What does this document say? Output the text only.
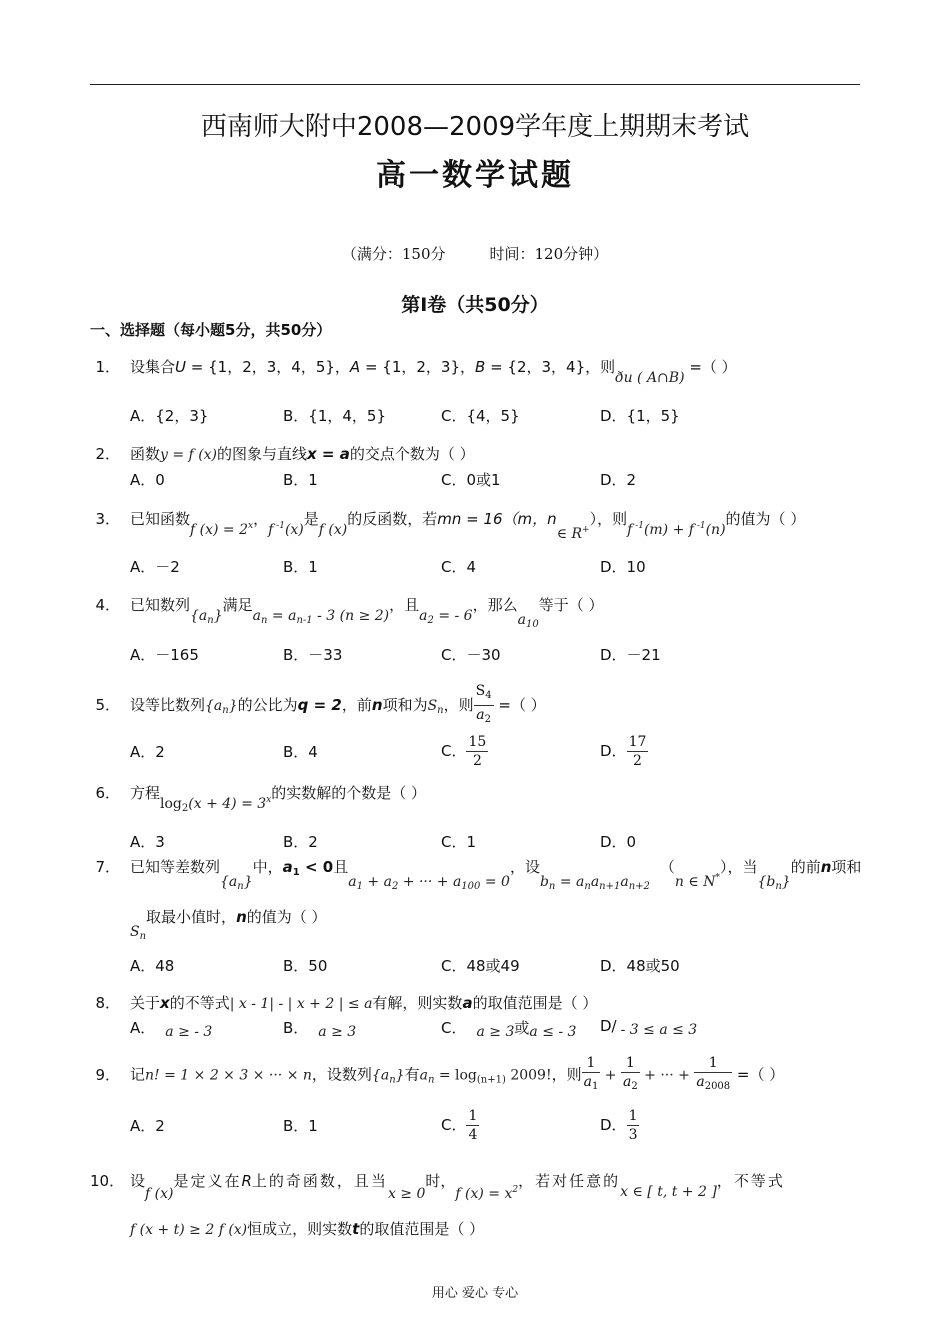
西南师大附中2008—2009学年度上期期末考试
高一数学试题
（满分：150分	时间：120分钟）
第I卷（共50分）
一、选择题（每小题5分，共50分）
1． 设集合U = {1，2，3，4，5}，A = {1，2，3}，B = {2，3，4}，则ðu ( A∩B) =（ ）
A．{2，3}	B．{1，4，5}	C．{4，5}	D．{1，5}
2． 函数y = f (x)的图象与直线x = a的交点个数为（ ）
A．0	B．1	C．0或1	D．2
3． 已知函数f $(x) = 2^x$，f $^{-1}$(x)是f (x)的反函数，若mn = 16（m，n∈ R+），则f $^{-1}$(m) + f $^{-1}$(n)的值为（ ）
A．－2	B．1	C．4	D．10
4． 已知数列$\{a_n\}$满足$a_n = a_{n-1} - 3$ (n ≥ 2)，且$a_2$ = - 6，那么$a_{10}$等于（ ）
A．－165	B．－33	C．－30	D．－21
5． 设等比数列$\{a_n\}$的公比为q = 2，前n项和为$S_n$，则 $\frac{S_4}{a_2}$ =（ ）
A．2	B．4	C． $\frac{15}{2}$	D． $\frac{17}{2}$
6． 方程$\log_2(x + 4) = 3^x$的实数解的个数是（ ）
A．3	B．2	C．1	D．0
7． 已知等差数列$\{a_n\}$中，$a_1 < 0$且$a_1 + a_2$ + ··· + $a_{100} = 0$，设$b_n = a_na_{n+1}a_{n+2}(n$ ∈ N*），当$\{b_n\}$的前n项和
$S_n$取最小值时，n的值为（ ）
A．48	B．50	C．48或49	D．48或50
8． 关于x的不等式| x - 1| - | x + 2 | ≤ a有解，则实数a的取值范围是（ ）
A． a ≥ - 3	B． a ≥ 3	C． a ≥ 3或a ≤ - 3 D/ - 3 ≤ a ≤ 3
9． 记n! = 1 × 2 × 3 × ··· × n，设数列$\{a_n\}$有$a_n = \log_{(n+1)} 2009$!，则 $\frac{1}{a_1} + \frac{1}{a_2}$ + ··· + $\frac{1}{a_{2008}}$ =（ ）
A．2	B．1	C． $\frac{1}{4}$	D． $\frac{1}{3}$
10． 设f (x)是定义在R上的奇函数，且当x ≥ 0时，f $(x) = x^2$，若对任意的x ∈ [ t, t + 2 ]，不等式
f (x + t) ≥ 2 f (x)恒成立，则实数t的取值范围是（ ）
用心 爱心 专心
